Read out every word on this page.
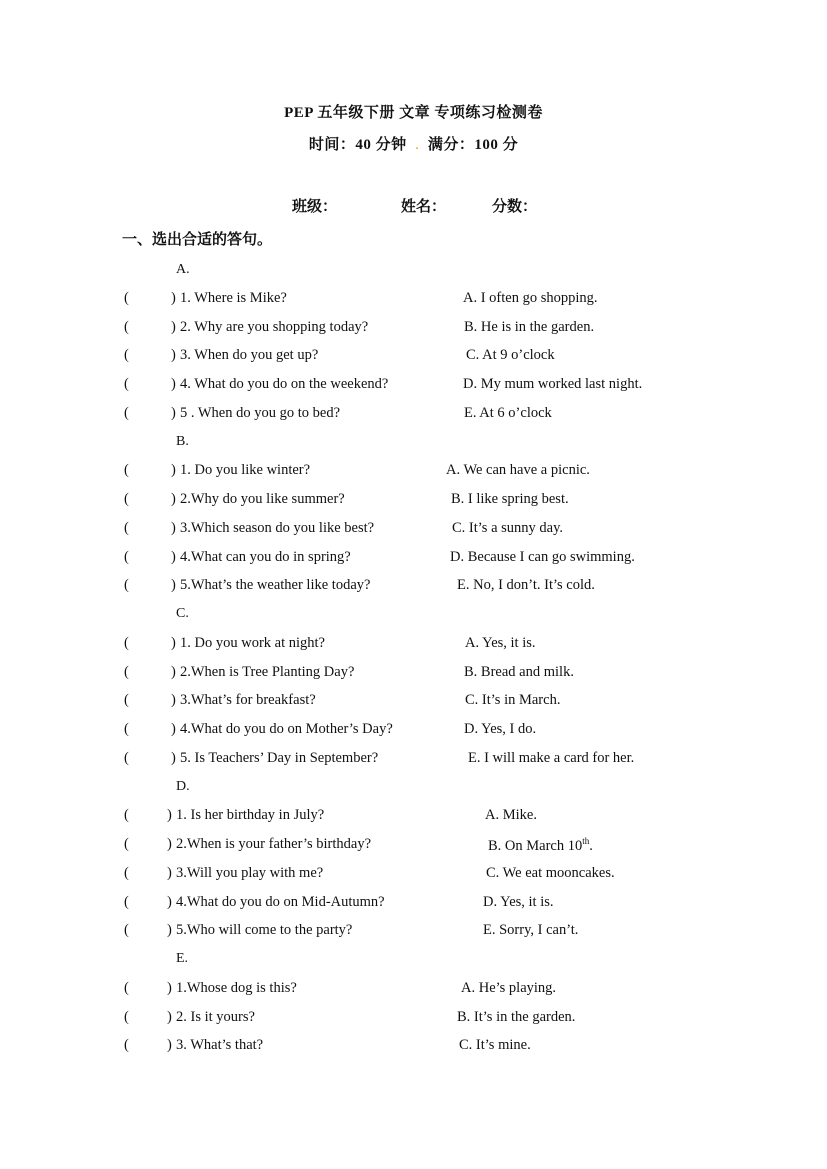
PEP 五年级下册 文章 专项练习检测卷
时间：40 分钟 . 满分：100 分
班级：	姓名：	分数：
一、选出合适的答句。
A.
(	) 1. Where is Mike?	A. I often go shopping.
(	) 2. Why are you shopping today?	B. He is in the garden.
(	) 3. When do you get up?	C. At 9 o’clock
(	) 4. What do you do on the weekend?	D. My mum worked last night.
(	) 5 . When do you go to bed?	E. At 6 o’clock
B.
(	) 1. Do you like winter?	A. We can have a picnic.
(	) 2.Why do you like summer?	B. I like spring best.
(	) 3.Which season do you like best?	C. It’s a sunny day.
(	) 4.What can you do in spring?	D. Because I can go swimming.
(	) 5.What’s the weather like today?	E. No, I don’t. It’s cold.
C.
(	) 1. Do you work at night?	A. Yes, it is.
(	) 2.When is Tree Planting Day?	B. Bread and milk.
(	) 3.What’s for breakfast?	C. It’s in March.
(	) 4.What do you do on Mother’s Day?	D. Yes, I do.
(	) 5. Is Teachers’ Day in September?	E. I will make a card for her.
D.
(	) 1. Is her birthday in July?	A. Mike.
(	) 2.When is your father’s birthday?	B. On March 10th.
(	) 3.Will you play with me?	C. We eat mooncakes.
(	) 4.What do you do on Mid-Autumn?	D. Yes, it is.
(	) 5.Who will come to the party?	E. Sorry, I can’t.
E.
(	) 1.Whose dog is this?	A. He’s playing.
(	) 2. Is it yours?	B. It’s in the garden.
(	) 3. What’s that?	C. It’s mine.
